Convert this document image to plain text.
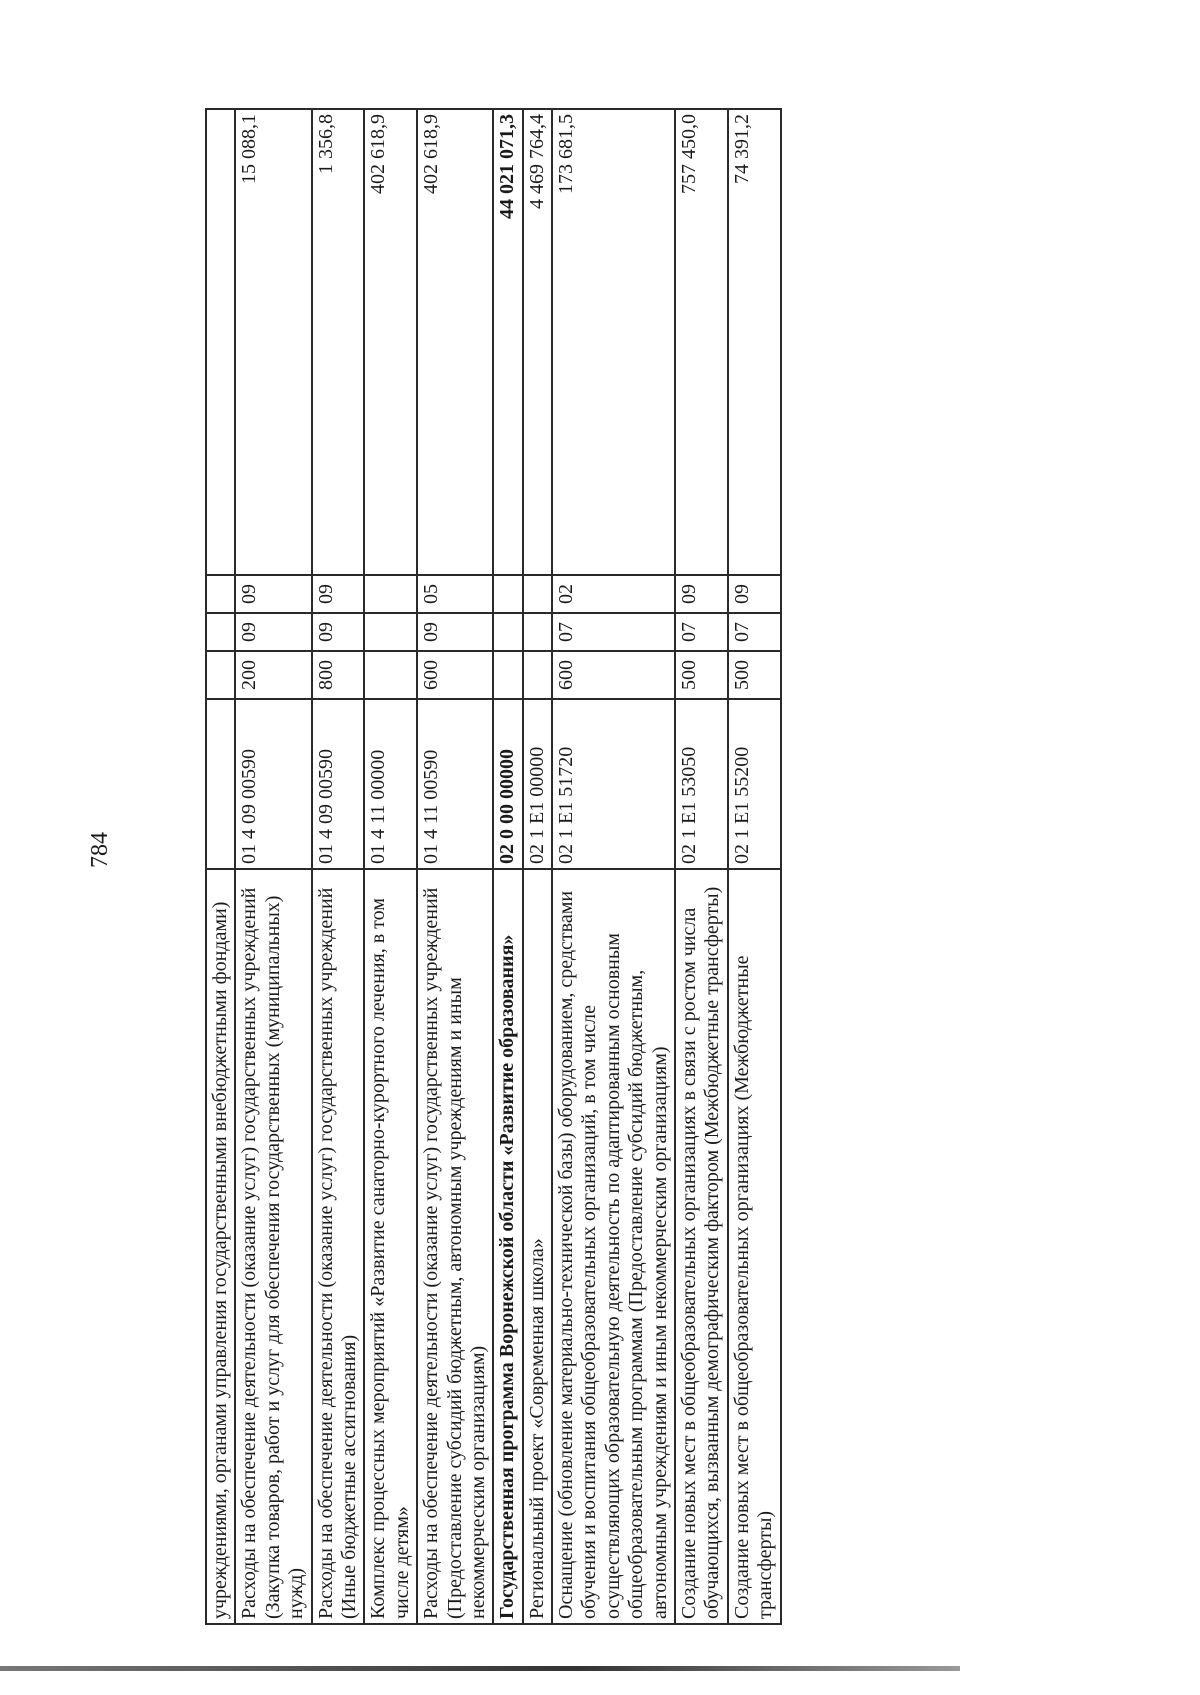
784
учреждениями, органами управления государственными внебюджетными фондами)					
Расходы на обеспечение деятельности (оказание услуг) государственных учреждений (Закупка товаров, работ и услуг для обеспечения государственных (муниципальных) нужд)	01 4 09 00590	200	09	09	15 088,1
Расходы на обеспечение деятельности (оказание услуг) государственных учреждений (Иные бюджетные ассигнования)	01 4 09 00590	800	09	09	1 356,8
Комплекс процессных мероприятий «Развитие санаторно-курортного лечения, в том числе детям»	01 4 11 00000				402 618,9
Расходы на обеспечение деятельности (оказание услуг) государственных учреждений (Предоставление субсидий бюджетным, автономным учреждениям и иным некоммерческим организациям)	01 4 11 00590	600	09	05	402 618,9
Государственная программа Воронежской области «Развитие образования»	02 0 00 00000				44 021 071,3
Региональный проект «Современная школа»	02 1 E1 00000				4 469 764,4
Оснащение (обновление материально-технической базы) оборудованием, средствами обучения и воспитания общеобразовательных организаций, в том числе осуществляющих образовательную деятельность по адаптированным основным общеобразовательным программам (Предоставление субсидий бюджетным, автономным учреждениям и иным некоммерческим организациям)	02 1 E1 51720	600	07	02	173 681,5
Создание новых мест в общеобразовательных организациях в связи с ростом числа обучающихся, вызванным демографическим фактором (Межбюджетные трансферты)	02 1 E1 53050	500	07	09	757 450,0
Создание новых мест в общеобразовательных организациях (Межбюджетные трансферты)	02 1 E1 55200	500	07	09	74 391,2
